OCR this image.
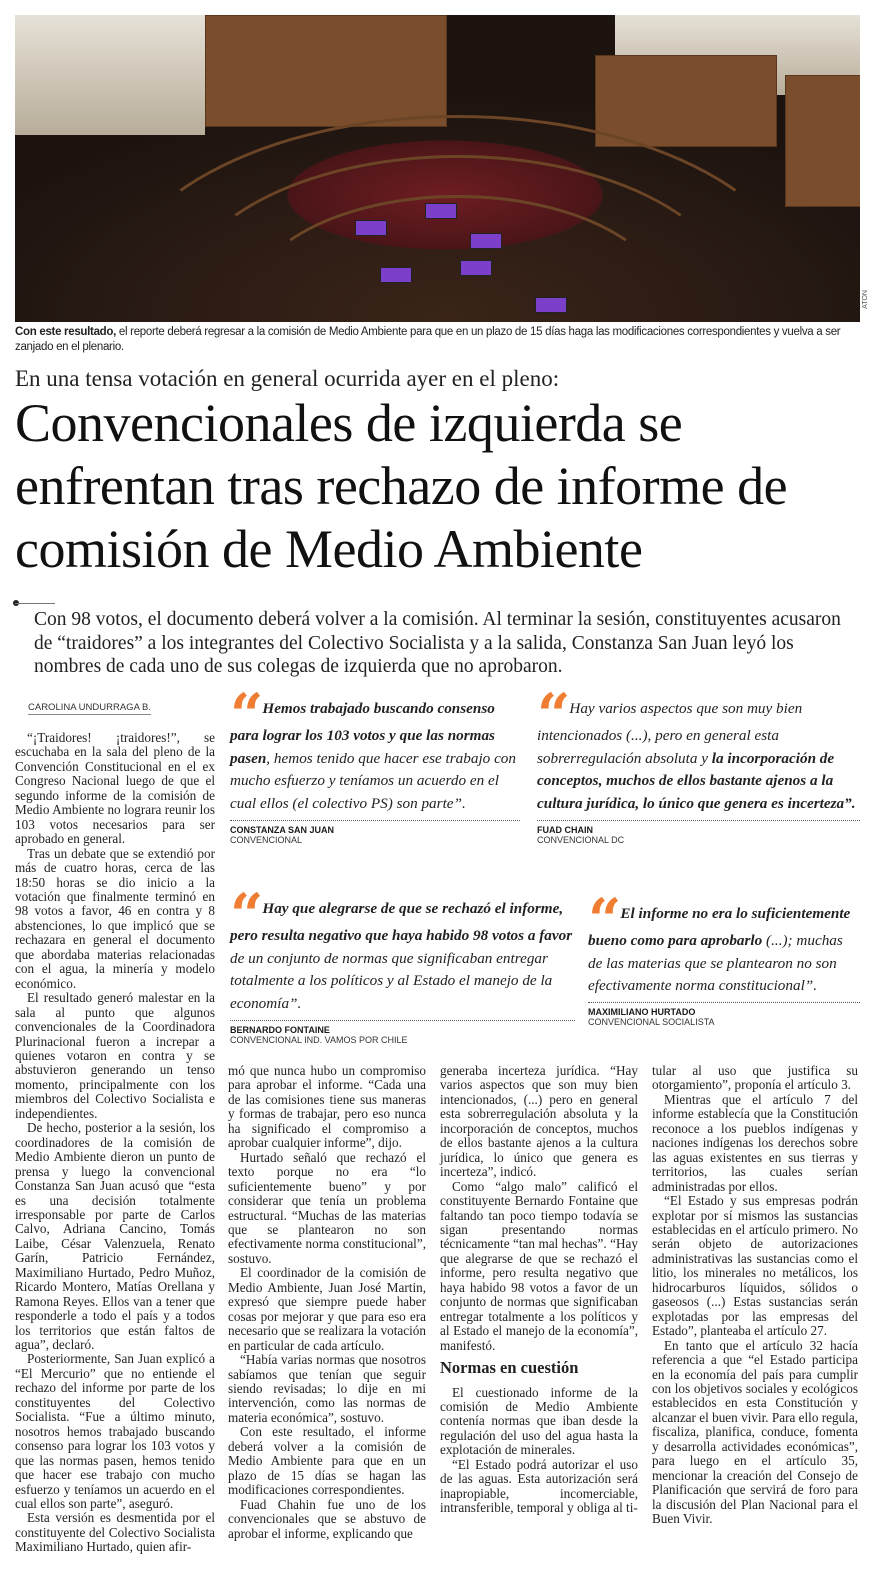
ATON
Con este resultado, el reporte deberá regresar a la comisión de Medio Ambiente para que en un plazo de 15 días haga las modificaciones correspondientes y vuelva a ser zanjado en el plenario.
En una tensa votación en general ocurrida ayer en el pleno:
Convencionales de izquierda se enfrentan tras rechazo de informe de comisión de Medio Ambiente
Con 98 votos, el documento deberá volver a la comisión. Al terminar la sesión, constituyentes acusaron de “traidores” a los integrantes del Colectivo Socialista y a la salida, Constanza San Juan leyó los nombres de cada uno de sus colegas de izquierda que no aprobaron.
CAROLINA UNDURRAGA B. “ Hemos trabajado buscando consenso para lograr los 103 votos y que las normas pasen, hemos tenido que hacer ese trabajo con mucho esfuerzo y teníamos un acuerdo en el cual ellos (el colectivo PS) son parte”.
CONSTANZA SAN JUAN
CONVENCIONAL
“ Hay varios aspectos que son muy bien intencionados (...), pero en general esta sobrerregulación absoluta y la incorporación de conceptos, muchos de ellos bastante ajenos a la cultura jurídica, lo único que genera es incerteza”.
FUAD CHAIN
CONVENCIONAL DC
“ Hay que alegrarse de que se rechazó el informe, pero resulta negativo que haya habido 98 votos a favor de un conjunto de normas que significaban entregar totalmente a los políticos y al Estado el manejo de la economía”.
BERNARDO FONTAINE
CONVENCIONAL IND. VAMOS POR CHILE
“ El informe no era lo suficientemente bueno como para aprobarlo (...); muchas de las materias que se plantearon no son efectivamente norma constitucional”.
MAXIMILIANO HURTADO
CONVENCIONAL SOCIALISTA

“¡Traidores! ¡traidores!”, se escuchaba en la sala del pleno de la Convención Constitucional en el ex Congreso Nacional luego de que el segundo informe de la comisión de Medio Ambiente no lograra reunir los 103 votos necesarios para ser aprobado en general.

Tras un debate que se extendió por más de cuatro horas, cerca de las 18:50 horas se dio inicio a la votación que finalmente terminó en 98 votos a favor, 46 en contra y 8 abstenciones, lo que implicó que se rechazara en general el documento que abordaba materias relacionadas con el agua, la minería y modelo económico.

El resultado generó malestar en la sala al punto que algunos convencionales de la Coordinadora Plurinacional fueron a increpar a quienes votaron en contra y se abstuvieron generando un tenso momento, principalmente con los miembros del Colectivo Socialista e independientes.

De hecho, posterior a la sesión, los coordinadores de la comisión de Medio Ambiente dieron un punto de prensa y luego la convencional Constanza San Juan acusó que “esta es una decisión totalmente irresponsable por parte de Carlos Calvo, Adriana Cancino, Tomás Laibe, César Valenzuela, Renato Garín, Patricio Fernández, Maximiliano Hurtado, Pedro Muñoz, Ricardo Montero, Matías Orellana y Ramona Reyes. Ellos van a tener que responderle a todo el país y a todos los territorios que están faltos de agua”, declaró.

Posteriormente, San Juan explicó a “El Mercurio” que no entiende el rechazo del informe por parte de los constituyentes del Colectivo Socialista. “Fue a último minuto, nosotros hemos trabajado buscando consenso para lograr los 103 votos y que las normas pasen, hemos tenido que hacer ese trabajo con mucho esfuerzo y teníamos un acuerdo en el cual ellos son parte”, aseguró.

Esta versión es desmentida por el constituyente del Colectivo Socialista Maximiliano Hurtado, quien afir-

mó que nunca hubo un compromiso para aprobar el informe. “Cada una de las comisiones tiene sus maneras y formas de trabajar, pero eso nunca ha significado el compromiso a aprobar cualquier informe”, dijo.

Hurtado señaló que rechazó el texto porque no era “lo suficientemente bueno” y por considerar que tenía un problema estructural. “Muchas de las materias que se plantearon no son efectivamente norma constitucional”, sostuvo.

El coordinador de la comisión de Medio Ambiente, Juan José Martin, expresó que siempre puede haber cosas por mejorar y que para eso era necesario que se realizara la votación en particular de cada artículo.

“Había varias normas que nosotros sabíamos que tenían que seguir siendo revisadas; lo dije en mi intervención, como las normas de materia económica”, sostuvo.

Con este resultado, el informe deberá volver a la comisión de Medio Ambiente para que en un plazo de 15 días se hagan las modificaciones correspondientes.

Fuad Chahin fue uno de los convencionales que se abstuvo de aprobar el informe, explicando que

generaba incerteza jurídica. “Hay varios aspectos que son muy bien intencionados, (...) pero en general esta sobrerregulación absoluta y la incorporación de conceptos, muchos de ellos bastante ajenos a la cultura jurídica, lo único que genera es incerteza”, indicó.

Como “algo malo” calificó el constituyente Bernardo Fontaine que faltando tan poco tiempo todavía se sigan presentando normas técnicamente “tan mal hechas”. “Hay que alegrarse de que se rechazó el informe, pero resulta negativo que haya habido 98 votos a favor de un conjunto de normas que significaban entregar totalmente a los políticos y al Estado el manejo de la economía”, manifestó.

Normas en cuestión

El cuestionado informe de la comisión de Medio Ambiente contenía normas que iban desde la regulación del uso del agua hasta la explotación de minerales.

“El Estado podrá autorizar el uso de las aguas. Esta autorización será inapropiable, incomerciable, intransferible, temporal y obliga al ti-

tular al uso que justifica su otorgamiento”, proponía el artículo 3.

Mientras que el artículo 7 del informe establecía que la Constitución reconoce a los pueblos indígenas y naciones indígenas los derechos sobre las aguas existentes en sus tierras y territorios, las cuales serían administradas por ellos.

“El Estado y sus empresas podrán explotar por sí mismos las sustancias establecidas en el artículo primero. No serán objeto de autorizaciones administrativas las sustancias como el litio, los minerales no metálicos, los hidrocarburos líquidos, sólidos o gaseosos (...) Estas sustancias serán explotadas por las empresas del Estado”, planteaba el artículo 27.

En tanto que el artículo 32 hacía referencia a que “el Estado participa en la economía del país para cumplir con los objetivos sociales y ecológicos establecidos en esta Constitución y alcanzar el buen vivir. Para ello regula, fiscaliza, planifica, conduce, fomenta y desarrolla actividades económicas”, para luego en el artículo 35, mencionar la creación del Consejo de Planificación que servirá de foro para la discusión del Plan Nacional para el Buen Vivir.
